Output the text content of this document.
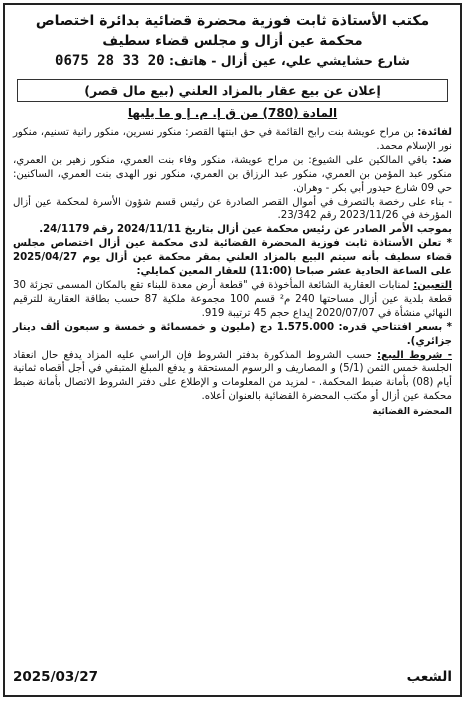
مكتب الأستاذة ثابت فوزية محضرة قضائية بدائرة اختصاص
محكمة عين أزال و مجلس قضاء سطيف
شارع حشايشي علي، عين أزال - هاتف: 0675 28 33 20
إعلان عن بيع عقار بالمزاد العلني (بيع مال قصر)
المادة (780) من ق إ. م. إ و ما يليها

لفائدة: بن مراح عويشة بنت رابح القائمة في حق ابنتها القصر: منكور نسرين، منكور رانية تسنيم، منكور نور الإسلام محمد.

ضد: باقي المالكين على الشيوع: بن مراح عويشة، منكور وفاء بنت العمري، منكور زهير بن العمري، منكور عبد المؤمن بن العمري، منكور عبد الرزاق بن العمري، منكور نور الهدى بنت العمري، الساكنين: حي 09 شارع حيدور أبي بكر - وهران.

- بناء على رخصة بالتصرف في أموال القصر الصادرة عن رئيس قسم شؤون الأسرة لمحكمة عين أزال المؤرخة في 2023/11/26 رقم 23/342.

بموجب الأمر الصادر عن رئيس محكمة عين أزال بتاريخ 2024/11/11 رقم 24/1179.

* تعلن الأستاذة ثابت فوزية المحضرة القضائية لدى محكمة عين أزال اختصاص مجلس قضاء سطيف بأنه سيتم البيع بالمزاد العلني بمقر محكمة عين أزال يوم 2025/04/27 على الساعة الحادية عشر صباحا (11:00) للعقار المعين كمايلي:

التعيين: لمنابات العقارية الشائعة المأخوذة في "قطعة أرض معدة للبناء تقع بالمكان المسمى تجزئة 30 قطعة بلدية عين أزال مساحتها 240 م² قسم 100 مجموعة ملكية 87 حسب بطاقة العقارية للترقيم النهائي منشأة في 2020/07/07 إيداع حجم 45 ترتيبة 919.

* بسعر افتتاحي قدره: 1.575.000 دج (مليون و خمسمائة و خمسة و سبعون ألف دينار جزائري).

- شروط البيع: حسب الشروط المذكورة بدفتر الشروط فإن الراسي عليه المزاد يدفع حال انعقاد الجلسة خمس الثمن (5/1) و المصاريف و الرسوم المستحقة و يدفع المبلغ المتبقي في أجل أقصاه ثمانية أيام (08) بأمانة ضبط المحكمة. - لمزيد من المعلومات و الإطلاع على دفتر الشروط الاتصال بأمانة ضبط محكمة عين أزال أو مكتب المحضرة القضائية بالعنوان أعلاه.

المحضرة القضائية
الشعب
2025/03/27
